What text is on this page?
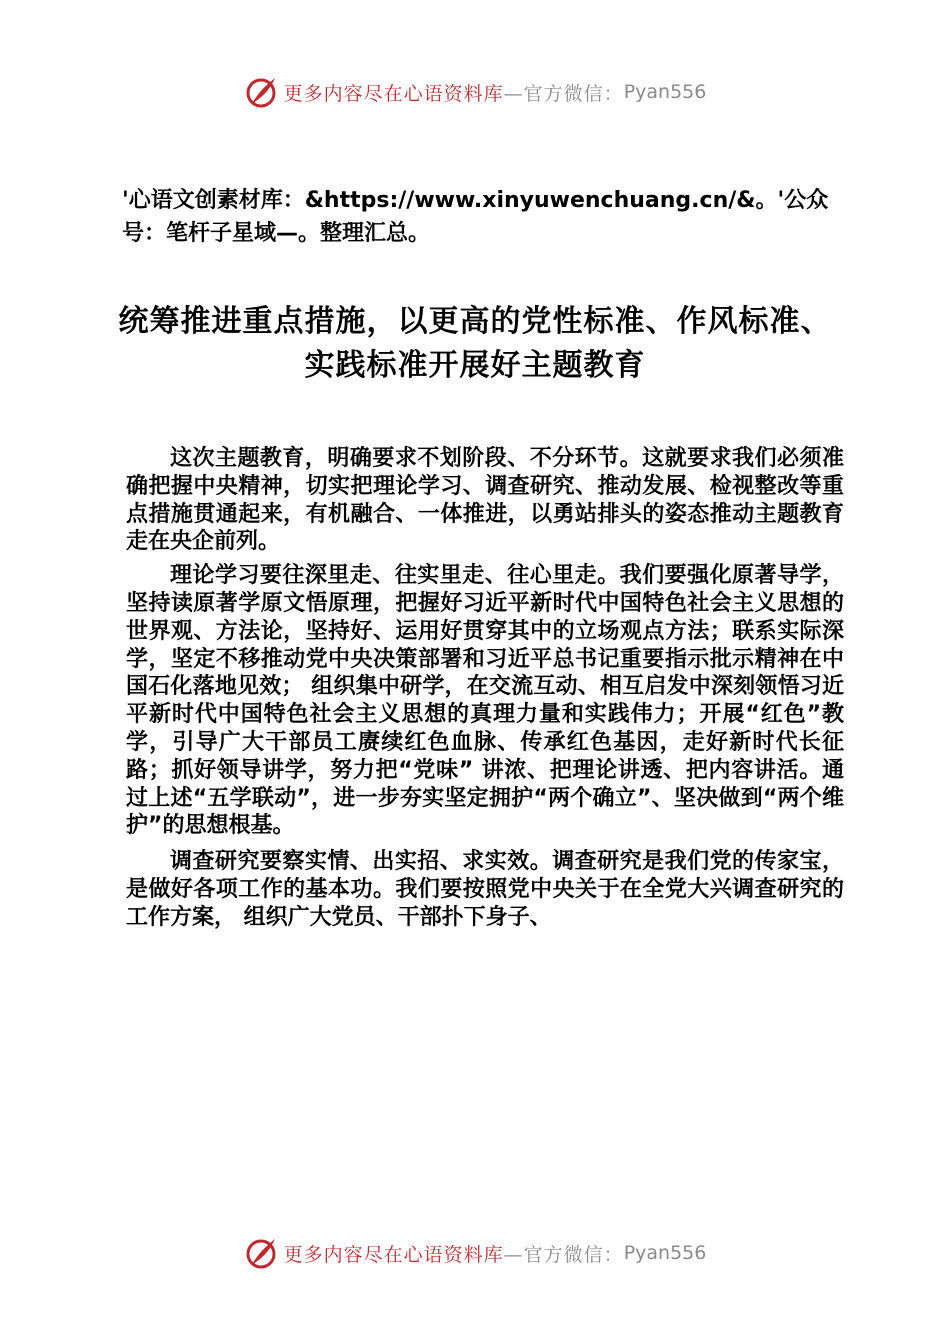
更多内容尽在心语资料库 —官方微信： Pyan556
'心语文创素材库：&https://www.xinyuwenchuang.cn/&。'公众号：笔杆子星域—。整理汇总。
统筹推进重点措施，以更高的党性标准、作风标准、实践标准开展好主题教育

这次主题教育，明确要求不划阶段、不分环节。这就要求我们必须准确把握中央精神，切实把理论学习、调查研究、推动发展、检视整改等重点措施贯通起来，有机融合、一体推进，以勇站排头的姿态推动主题教育走在央企前列。

理论学习要往深里走、往实里走、往心里走。我们要强化原著导学，坚持读原著学原文悟原理，把握好习近平新时代中国特色社会主义思想的世界观、方法论，坚持好、运用好贯穿其中的立场观点方法；联系实际深学，坚定不移推动党中央决策部署和习近平总书记重要指示批示精神在中国石化落地见效； 组织集中研学，在交流互动、相互启发中深刻领悟习近平新时代中国特色社会主义思想的真理力量和实践伟力；开展“红色”教学，引导广大干部员工赓续红色血脉、传承红色基因，走好新时代长征路；抓好领导讲学，努力把“党味” 讲浓、把理论讲透、把内容讲活。通过上述“五学联动”，进一步夯实坚定拥护“两个确立”、坚决做到“两个维护”的思想根基。

调查研究要察实情、出实招、求实效。调查研究是我们党的传家宝，是做好各项工作的基本功。我们要按照党中央关于在全党大兴调查研究的工作方案， 组织广大党员、干部扑下身子、

更多内容尽在心语资料库 —官方微信： Pyan556
